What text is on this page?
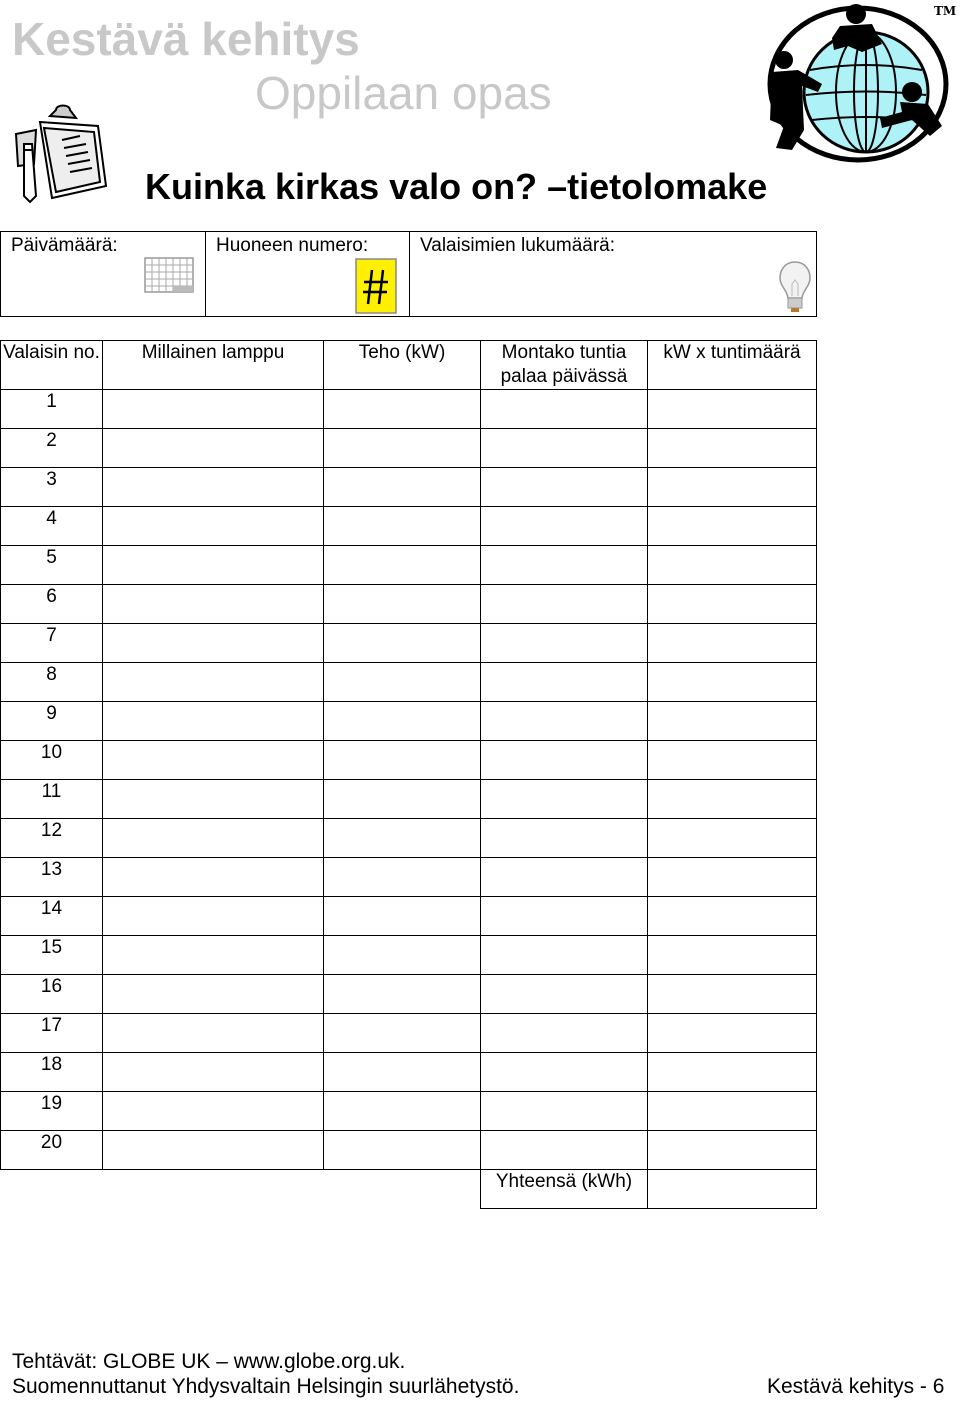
Kestävä kehitys
Oppilaan opas
Kuinka kirkas valo on? –tietolomake
TM
Päivämäärä:	Huoneen numero:	Valaisimien lukumäärä:
Valaisin no.	Millainen lamppu	Teho (kW)	Montako tuntia palaa päivässä	kW x tuntimäärä
1				
2				
3				
4				
5				
6				
7				
8				
9				
10				
11				
12				
13				
14				
15				
16				
17				
18				
19				
20				
			Yhteensä (kWh)	
Tehtävät: GLOBE UK – www.globe.org.uk.
Suomennuttanut Yhdysvaltain Helsingin suurlähetystö.	Kestävä kehitys - 6
